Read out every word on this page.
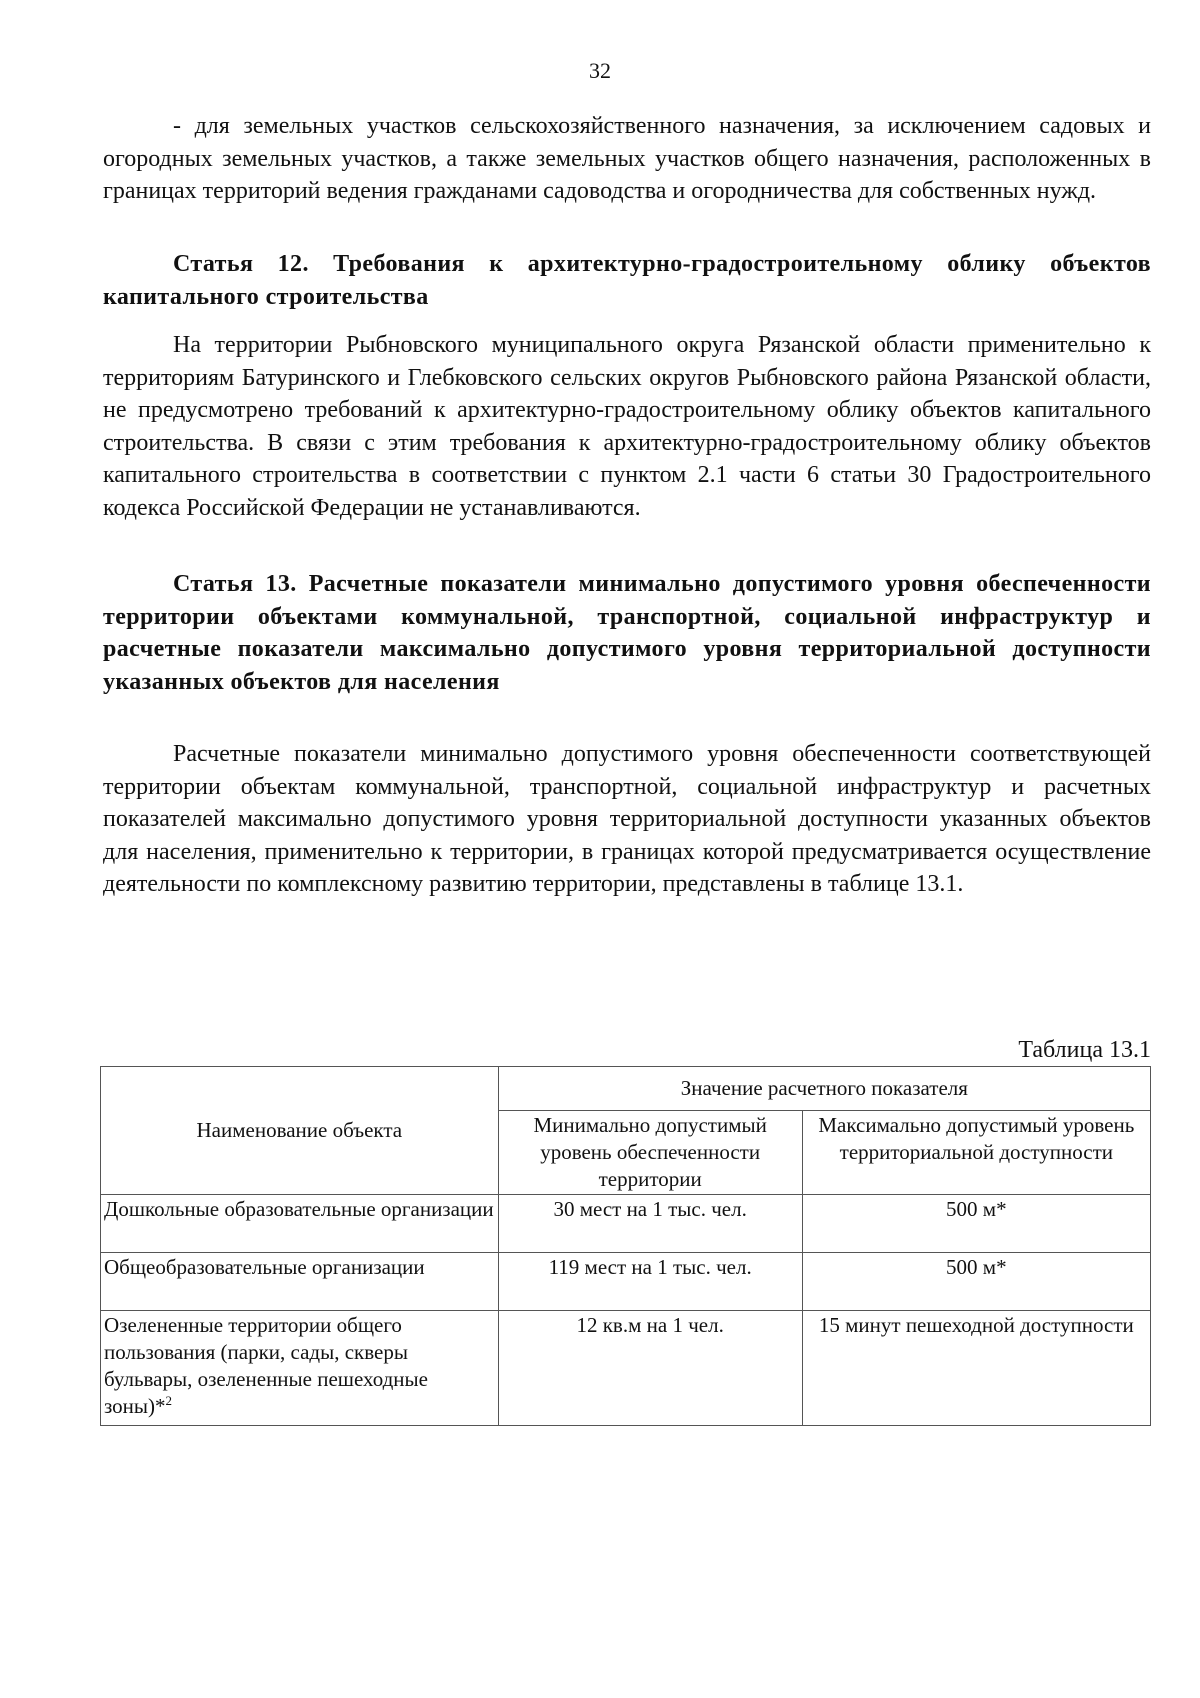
32
- для земельных участков сельскохозяйственного назначения, за исключением садовых и огородных земельных участков, а также земельных участков общего назначения, расположенных в границах территорий ведения гражданами садоводства и огородничества для собственных нужд.
Статья 12. Требования к архитектурно-градостроительному облику объектов капитального строительства
На территории Рыбновского муниципального округа Рязанской области применительно к территориям Батуринского и Глебковского сельских округов Рыбновского района Рязанской области, не предусмотрено требований к архитектурно-градостроительному облику объектов капитального строительства. В связи с этим требования к архитектурно-градостроительному облику объектов капитального строительства в соответствии с пунктом 2.1 части 6 статьи 30 Градостроительного кодекса Российской Федерации не устанавливаются.
Статья 13. Расчетные показатели минимально допустимого уровня обеспеченности территории объектами коммунальной, транспортной, социальной инфраструктур и расчетные показатели максимально допустимого уровня территориальной доступности указанных объектов для населения
Расчетные показатели минимально допустимого уровня обеспеченности соответствующей территории объектам коммунальной, транспортной, социальной инфраструктур и расчетных показателей максимально допустимого уровня территориальной доступности указанных объектов для населения, применительно к территории, в границах которой предусматривается осуществление деятельности по комплексному развитию территории, представлены в таблице 13.1.
Таблица 13.1
Наименование объекта	Значение расчетного показателя	
	Минимально допустимый уровень обеспеченности территории	Максимально допустимый уровень территориальной доступности
Дошкольные образовательные организации	30 мест на 1 тыс. чел.	500 м*
Общеобразовательные организации	119 мест на 1 тыс. чел.	500 м*
Озелененные территории общего пользования (парки, сады, скверы бульвары, озелененные пешеходные зоны)*$^2$	12 кв.м на 1 чел.	15 минут пешеходной доступности
